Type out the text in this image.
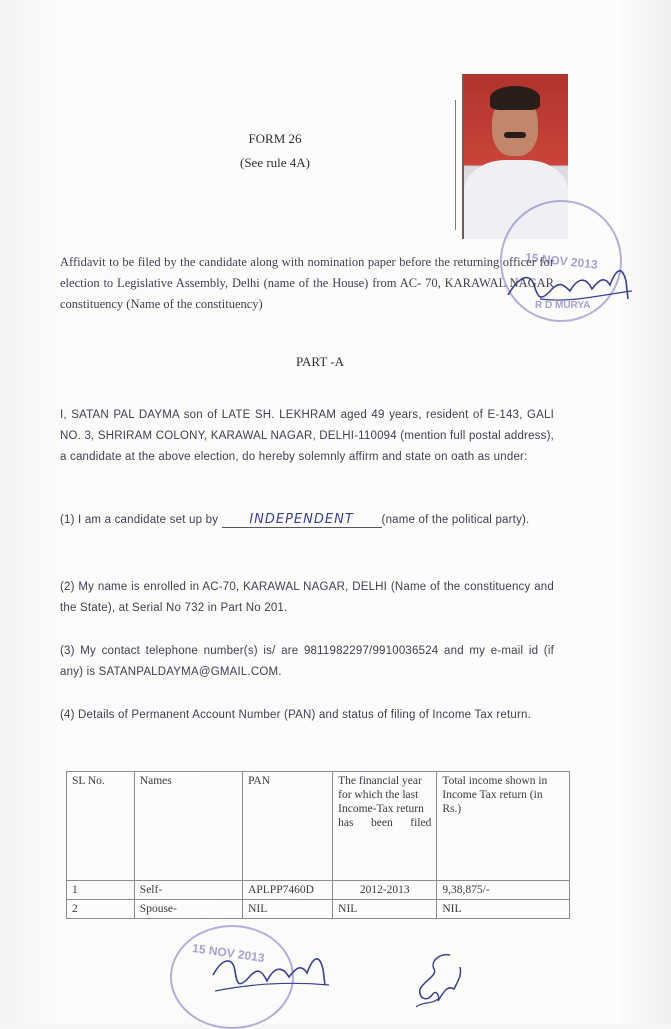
FORM 26
(See rule 4A)
15 NOV 2013
R D MURYA
Affidavit to be filed by the candidate along with nomination paper before the returning officer for election to Legislative Assembly, Delhi (name of the House) from AC- 70, KARAWAL NAGAR constituency (Name of the constituency)
PART -A
I, SATAN PAL DAYMA son of LATE SH. LEKHRAM aged 49 years, resident of E-143, GALI NO. 3, SHRIRAM COLONY, KARAWAL NAGAR, DELHI-110094 (mention full postal address), a candidate at the above election, do hereby solemnly affirm and state on oath as under:
(1) I am a candidate set up by INDEPENDENT (name of the political party).
(2) My name is enrolled in AC-70, KARAWAL NAGAR, DELHI (Name of the constituency and the State), at Serial No 732 in Part No 201.
(3) My contact telephone number(s) is/ are 9811982297/9910036524 and my e-mail id (if any) is SATANPALDAYMA@GMAIL.COM.
(4) Details of Permanent Account Number (PAN) and status of filing of Income Tax return.
SL No.	Names	PAN	The financial year for which the last Income-Tax return has been filed	Total income shown in Income Tax return (in Rs.)
1	Self-	APLPP7460D	2012-2013	9,38,875/-
2	Spouse-	NIL	NIL	NIL
15 NOV 2013
